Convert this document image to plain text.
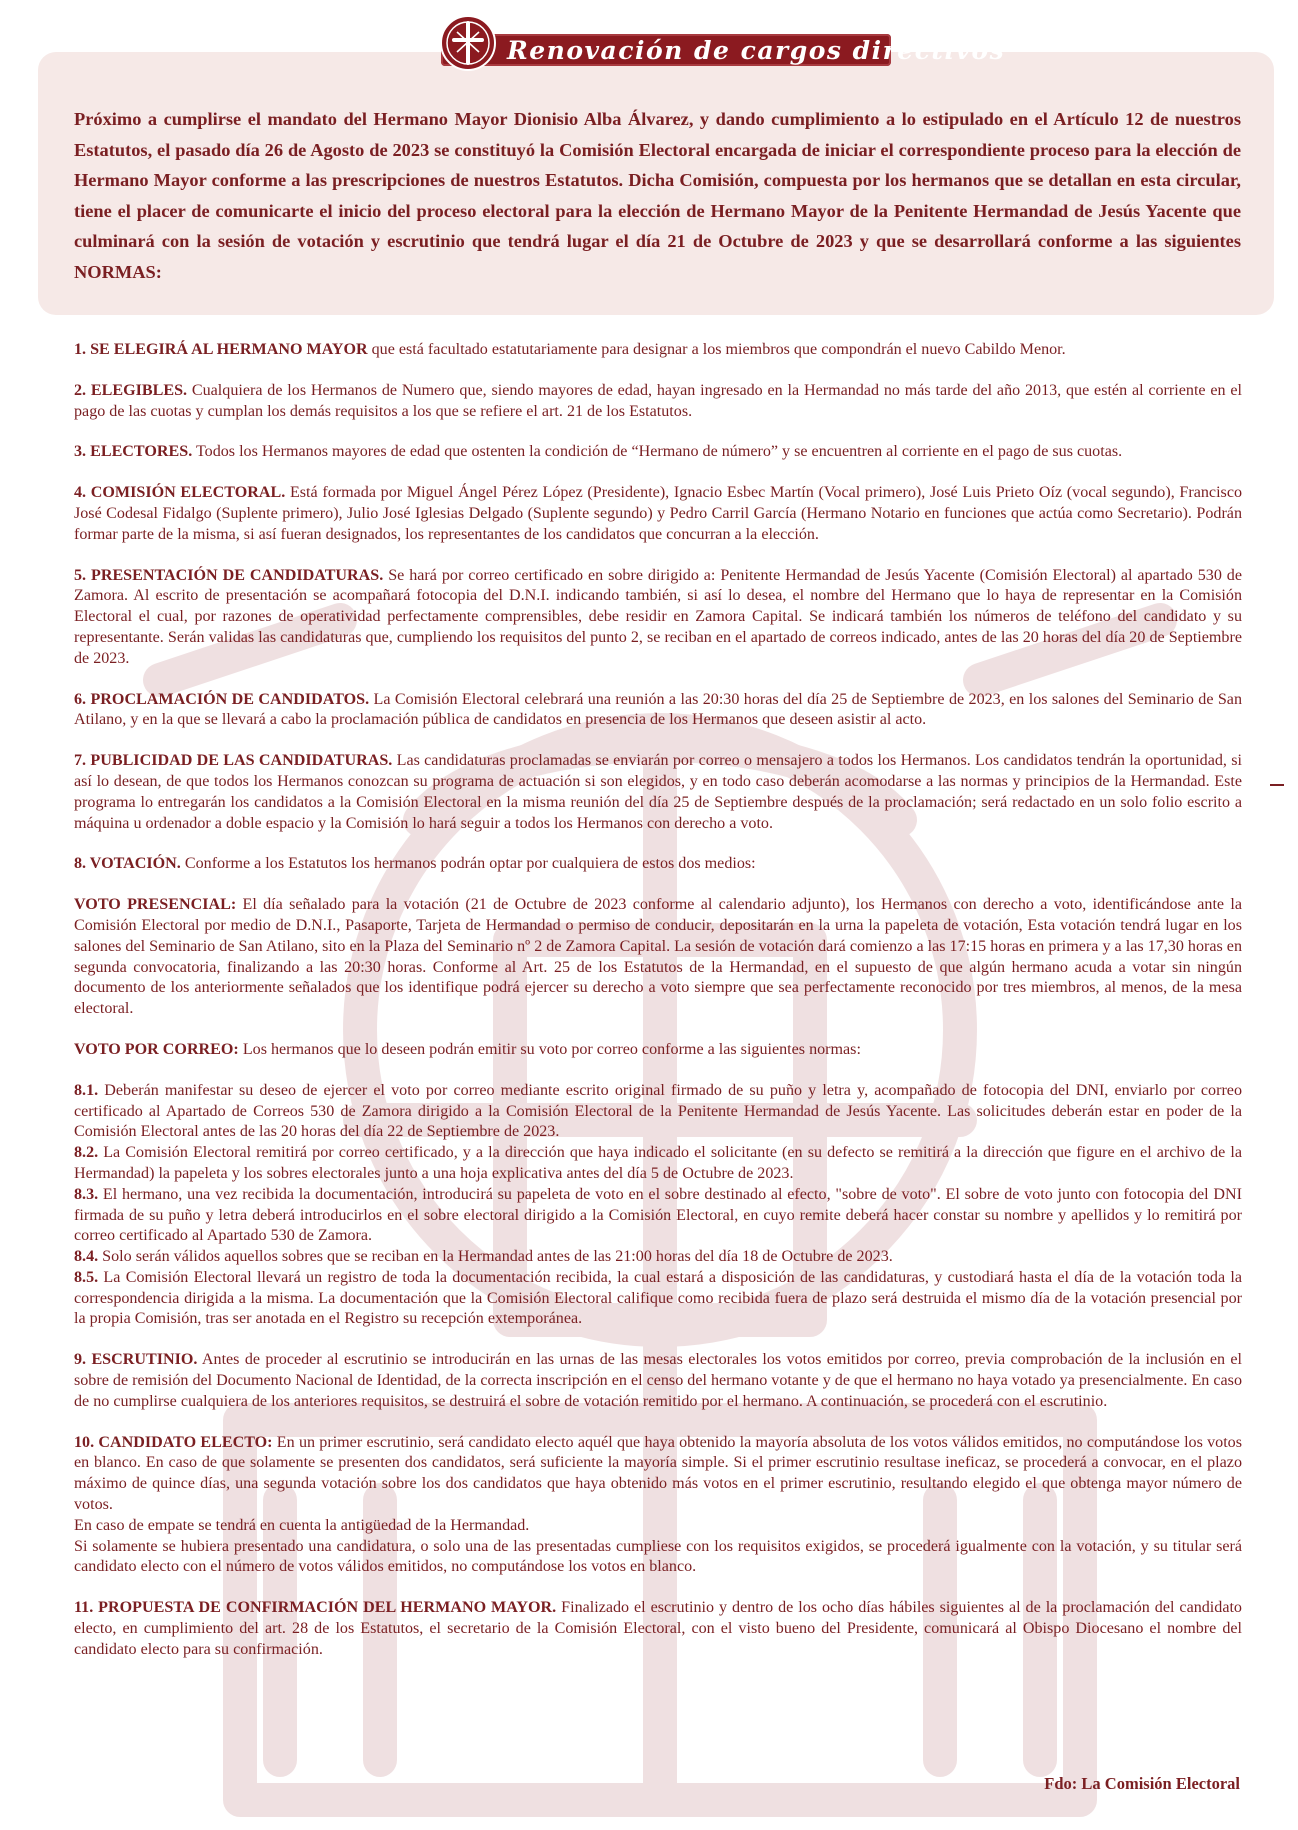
Renovación de cargos directivos

Próximo a cumplirse el mandato del Hermano Mayor Dionisio Alba Álvarez, y dando cumplimiento a lo estipulado en el Artículo 12 de nuestros Estatutos, el pasado día 26 de Agosto de 2023 se constituyó la Comisión Electoral encargada de iniciar el correspondiente proceso para la elección de Hermano Mayor conforme a las prescripciones de nuestros Estatutos. Dicha Comisión, compuesta por los hermanos que se detallan en esta circular, tiene el placer de comunicarte el inicio del proceso electoral para la elección de Hermano Mayor de la Penitente Hermandad de Jesús Yacente que culminará con la sesión de votación y escrutinio que tendrá lugar el día 21 de Octubre de 2023 y que se desarrollará conforme a las siguientes NORMAS:

1. SE ELEGIRÁ AL HERMANO MAYOR que está facultado estatutariamente para designar a los miembros que compondrán el nuevo Cabildo Menor.

2. ELEGIBLES. Cualquiera de los Hermanos de Numero que, siendo mayores de edad, hayan ingresado en la Hermandad no más tarde del año 2013, que estén al corriente en el pago de las cuotas y cumplan los demás requisitos a los que se refiere el art. 21 de los Estatutos.

3. ELECTORES. Todos los Hermanos mayores de edad que ostenten la condición de “Hermano de número” y se encuentren al corriente en el pago de sus cuotas.

4. COMISIÓN ELECTORAL. Está formada por Miguel Ángel Pérez López (Presidente), Ignacio Esbec Martín (Vocal primero), José Luis Prieto Oíz (vocal segundo), Francisco José Codesal Fidalgo (Suplente primero), Julio José Iglesias Delgado (Suplente segundo) y Pedro Carril García (Hermano Notario en funciones que actúa como Secretario). Podrán formar parte de la misma, si así fueran designados, los representantes de los candidatos que concurran a la elección.

5. PRESENTACIÓN DE CANDIDATURAS. Se hará por correo certificado en sobre dirigido a: Penitente Hermandad de Jesús Yacente (Comisión Electoral) al apartado 530 de Zamora. Al escrito de presentación se acompañará fotocopia del D.N.I. indicando también, si así lo desea, el nombre del Hermano que lo haya de representar en la Comisión Electoral el cual, por razones de operatividad perfectamente comprensibles, debe residir en Zamora Capital. Se indicará también los números de teléfono del candidato y su representante. Serán validas las candidaturas que, cumpliendo los requisitos del punto 2, se reciban en el apartado de correos indicado, antes de las 20 horas del día 20 de Septiembre de 2023.

6. PROCLAMACIÓN DE CANDIDATOS. La Comisión Electoral celebrará una reunión a las 20:30 horas del día 25 de Septiembre de 2023, en los salones del Seminario de San Atilano, y en la que se llevará a cabo la proclamación pública de candidatos en presencia de los Hermanos que deseen asistir al acto.

7. PUBLICIDAD DE LAS CANDIDATURAS. Las candidaturas proclamadas se enviarán por correo o mensajero a todos los Hermanos. Los candidatos tendrán la oportunidad, si así lo desean, de que todos los Hermanos conozcan su programa de actuación si son elegidos, y en todo caso deberán acomodarse a las normas y principios de la Hermandad. Este programa lo entregarán los candidatos a la Comisión Electoral en la misma reunión del día 25 de Septiembre después de la proclamación; será redactado en un solo folio escrito a máquina u ordenador a doble espacio y la Comisión lo hará seguir a todos los Hermanos con derecho a voto.

8. VOTACIÓN. Conforme a los Estatutos los hermanos podrán optar por cualquiera de estos dos medios:

VOTO PRESENCIAL: El día señalado para la votación (21 de Octubre de 2023 conforme al calendario adjunto), los Hermanos con derecho a voto, identificándose ante la Comisión Electoral por medio de D.N.I., Pasaporte, Tarjeta de Hermandad o permiso de conducir, depositarán en la urna la papeleta de votación, Esta votación tendrá lugar en los salones del Seminario de San Atilano, sito en la Plaza del Seminario nº 2 de Zamora Capital. La sesión de votación dará comienzo a las 17:15 horas en primera y a las 17,30 horas en segunda convocatoria, finalizando a las 20:30 horas. Conforme al Art. 25 de los Estatutos de la Hermandad, en el supuesto de que algún hermano acuda a votar sin ningún documento de los anteriormente señalados que los identifique podrá ejercer su derecho a voto siempre que sea perfectamente reconocido por tres miembros, al menos, de la mesa electoral.

VOTO POR CORREO: Los hermanos que lo deseen podrán emitir su voto por correo conforme a las siguientes normas:

8.1. Deberán manifestar su deseo de ejercer el voto por correo mediante escrito original firmado de su puño y letra y, acompañado de fotocopia del DNI, enviarlo por correo certificado al Apartado de Correos 530 de Zamora dirigido a la Comisión Electoral de la Penitente Hermandad de Jesús Yacente. Las solicitudes deberán estar en poder de la Comisión Electoral antes de las 20 horas del día 22 de Septiembre de 2023.

8.2. La Comisión Electoral remitirá por correo certificado, y a la dirección que haya indicado el solicitante (en su defecto se remitirá a la dirección que figure en el archivo de la Hermandad) la papeleta y los sobres electorales junto a una hoja explicativa antes del día 5 de Octubre de 2023.

8.3. El hermano, una vez recibida la documentación, introducirá su papeleta de voto en el sobre destinado al efecto, "sobre de voto". El sobre de voto junto con fotocopia del DNI firmada de su puño y letra deberá introducirlos en el sobre electoral dirigido a la Comisión Electoral, en cuyo remite deberá hacer constar su nombre y apellidos y lo remitirá por correo certificado al Apartado 530 de Zamora.

8.4. Solo serán válidos aquellos sobres que se reciban en la Hermandad antes de las 21:00 horas del día 18 de Octubre de 2023.

8.5. La Comisión Electoral llevará un registro de toda la documentación recibida, la cual estará a disposición de las candidaturas, y custodiará hasta el día de la votación toda la correspondencia dirigida a la misma. La documentación que la Comisión Electoral califique como recibida fuera de plazo será destruida el mismo día de la votación presencial por la propia Comisión, tras ser anotada en el Registro su recepción extemporánea.

9. ESCRUTINIO. Antes de proceder al escrutinio se introducirán en las urnas de las mesas electorales los votos emitidos por correo, previa comprobación de la inclusión en el sobre de remisión del Documento Nacional de Identidad, de la correcta inscripción en el censo del hermano votante y de que el hermano no haya votado ya presencialmente. En caso de no cumplirse cualquiera de los anteriores requisitos, se destruirá el sobre de votación remitido por el hermano. A continuación, se procederá con el escrutinio.

10. CANDIDATO ELECTO: En un primer escrutinio, será candidato electo aquél que haya obtenido la mayoría absoluta de los votos válidos emitidos, no computándose los votos en blanco. En caso de que solamente se presenten dos candidatos, será suficiente la mayoría simple. Si el primer escrutinio resultase ineficaz, se procederá a convocar, en el plazo máximo de quince días, una segunda votación sobre los dos candidatos que haya obtenido más votos en el primer escrutinio, resultando elegido el que obtenga mayor número de votos.

En caso de empate se tendrá en cuenta la antigüedad de la Hermandad.

Si solamente se hubiera presentado una candidatura, o solo una de las presentadas cumpliese con los requisitos exigidos, se procederá igualmente con la votación, y su titular será candidato electo con el número de votos válidos emitidos, no computándose los votos en blanco.

11. PROPUESTA DE CONFIRMACIÓN DEL HERMANO MAYOR. Finalizado el escrutinio y dentro de los ocho días hábiles siguientes al de la proclamación del candidato electo, en cumplimiento del art. 28 de los Estatutos, el secretario de la Comisión Electoral, con el visto bueno del Presidente, comunicará al Obispo Diocesano el nombre del candidato electo para su confirmación.

Fdo: La Comisión Electoral
